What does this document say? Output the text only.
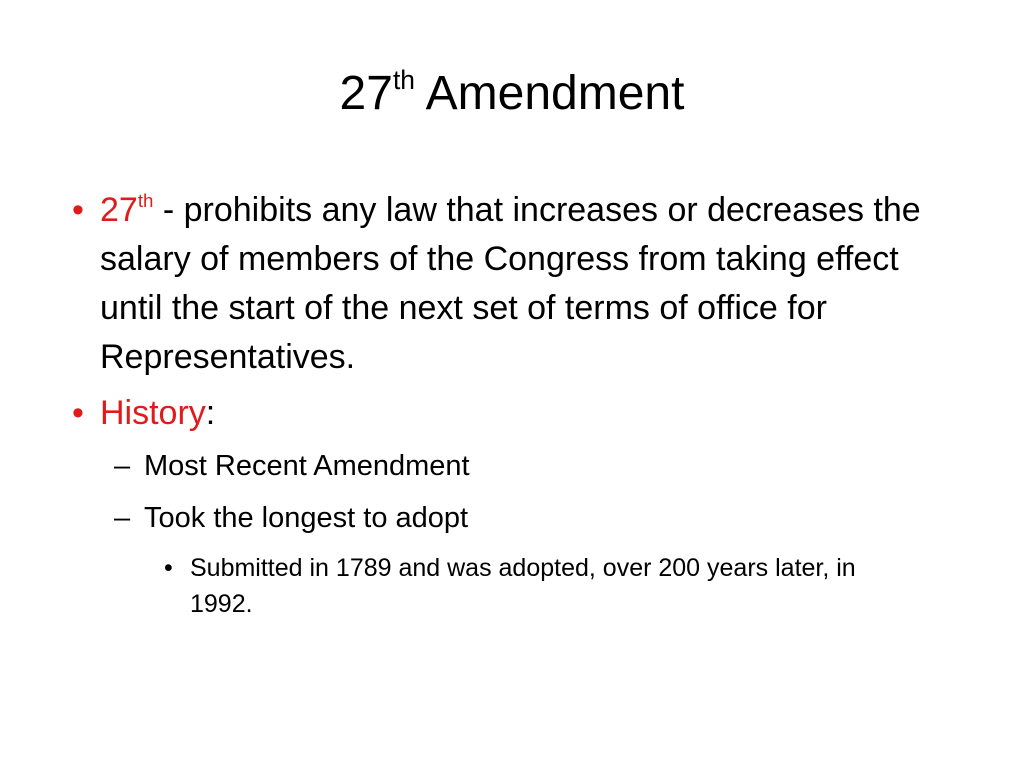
27th Amendment
• 27th - prohibits any law that increases or decreases the salary of members of the Congress from taking effect until the start of the next set of terms of office for Representatives.
• History:
– Most Recent Amendment
– Took the longest to adopt
• Submitted in 1789 and was adopted, over 200 years later, in 1992.
